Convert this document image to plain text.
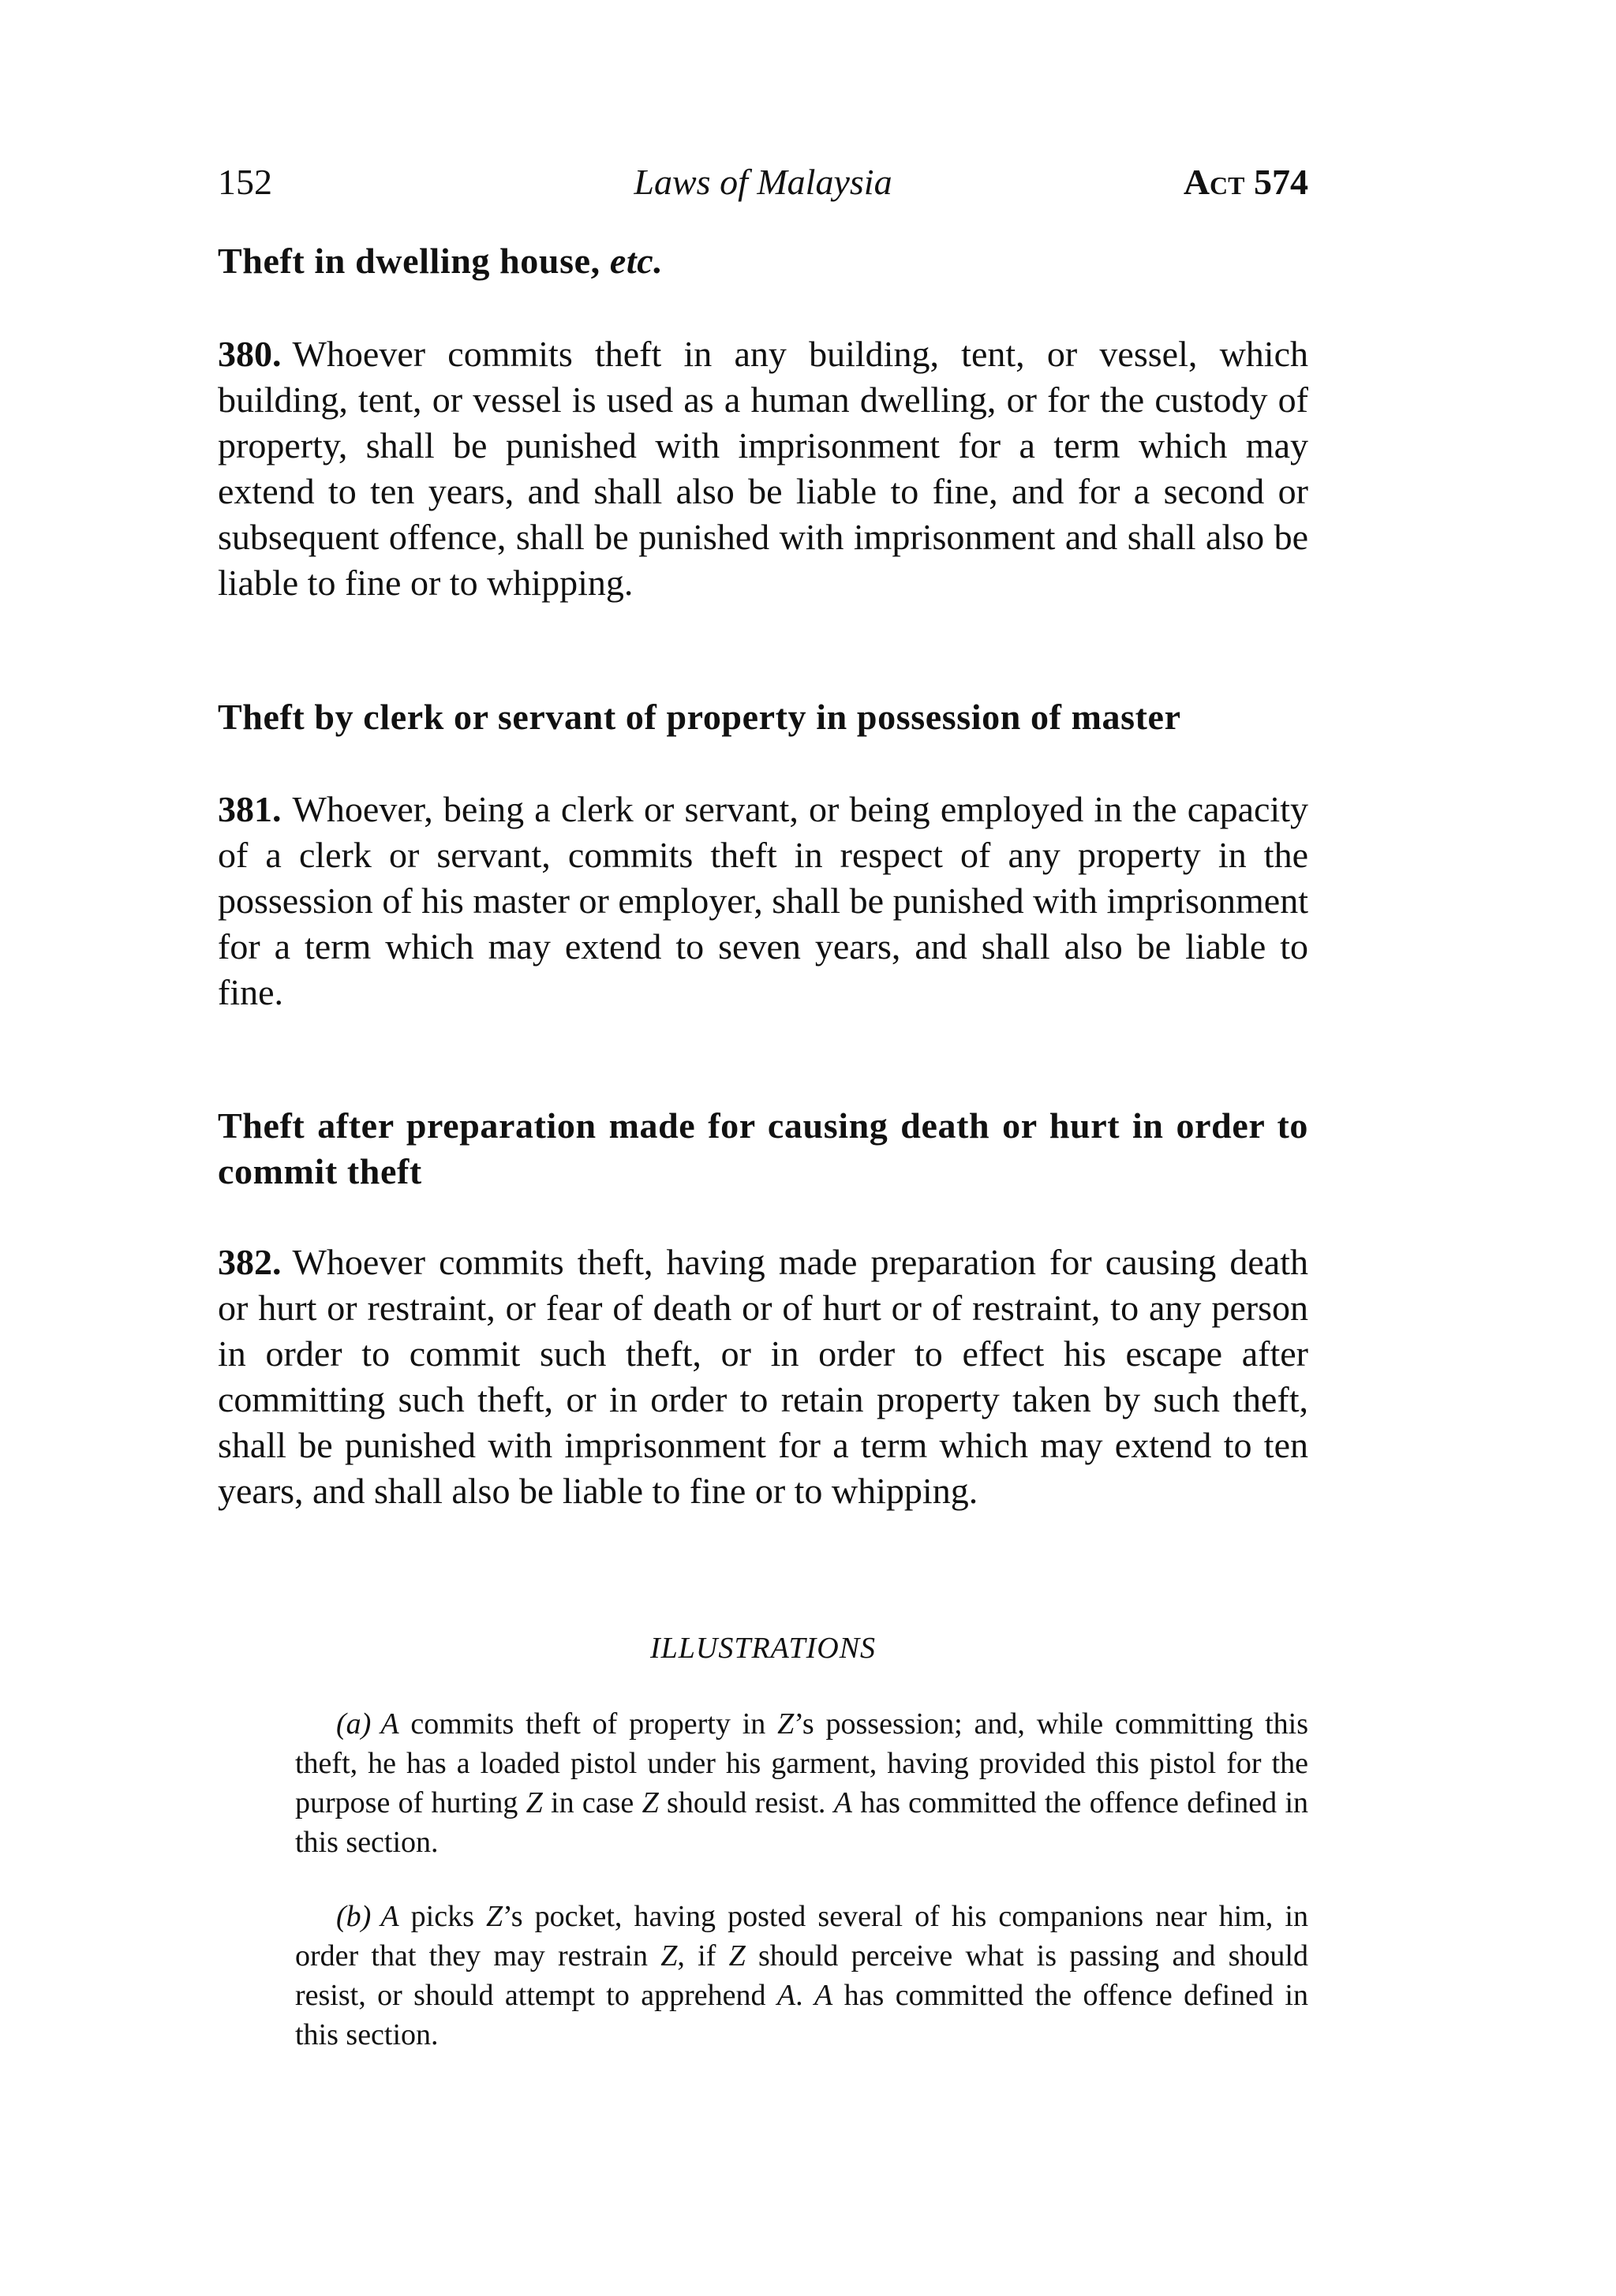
152	Laws of Malaysia	Act 574
Theft in dwelling house, etc.
380. Whoever commits theft in any building, tent, or vessel, which building, tent, or vessel is used as a human dwelling, or for the custody of property, shall be punished with imprisonment for a term which may extend to ten years, and shall also be liable to fine, and for a second or subsequent offence, shall be punished with imprisonment and shall also be liable to fine or to whipping.
Theft by clerk or servant of property in possession of master
381. Whoever, being a clerk or servant, or being employed in the capacity of a clerk or servant, commits theft in respect of any property in the possession of his master or employer, shall be punished with imprisonment for a term which may extend to seven years, and shall also be liable to fine.
Theft after preparation made for causing death or hurt in order to commit theft
382. Whoever commits theft, having made preparation for causing death or hurt or restraint, or fear of death or of hurt or of restraint, to any person in order to commit such theft, or in order to effect his escape after committing such theft, or in order to retain property taken by such theft, shall be punished with imprisonment for a term which may extend to ten years, and shall also be liable to fine or to whipping.
ILLUSTRATIONS
(a) A commits theft of property in Z’s possession; and, while committing this theft, he has a loaded pistol under his garment, having provided this pistol for the purpose of hurting Z in case Z should resist. A has committed the offence defined in this section.
(b) A picks Z’s pocket, having posted several of his companions near him, in order that they may restrain Z, if Z should perceive what is passing and should resist, or should attempt to apprehend A. A has committed the offence defined in this section.
